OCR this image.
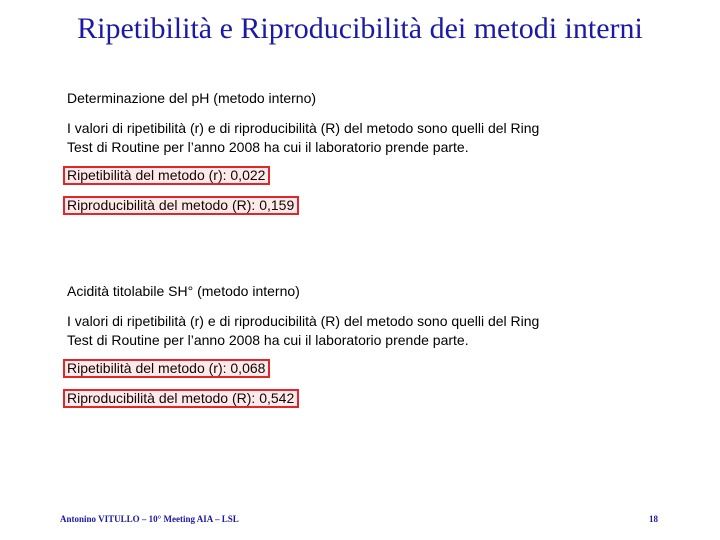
Ripetibilità e Riproducibilità dei metodi interni
Determinazione del pH (metodo interno)
I valori di ripetibilità (r) e di riproducibilità (R) del metodo sono quelli del Ring
Test di Routine per l’anno 2008 ha cui il laboratorio prende parte.
Ripetibilità del metodo (r): 0,022
Riproducibilità del metodo (R): 0,159
Acidità titolabile SH° (metodo interno)
I valori di ripetibilità (r) e di riproducibilità (R) del metodo sono quelli del Ring
Test di Routine per l’anno 2008 ha cui il laboratorio prende parte.
Ripetibilità del metodo (r): 0,068
Riproducibilità del metodo (R): 0,542
Antonino VITULLO – 10° Meeting AIA – LSL	18
